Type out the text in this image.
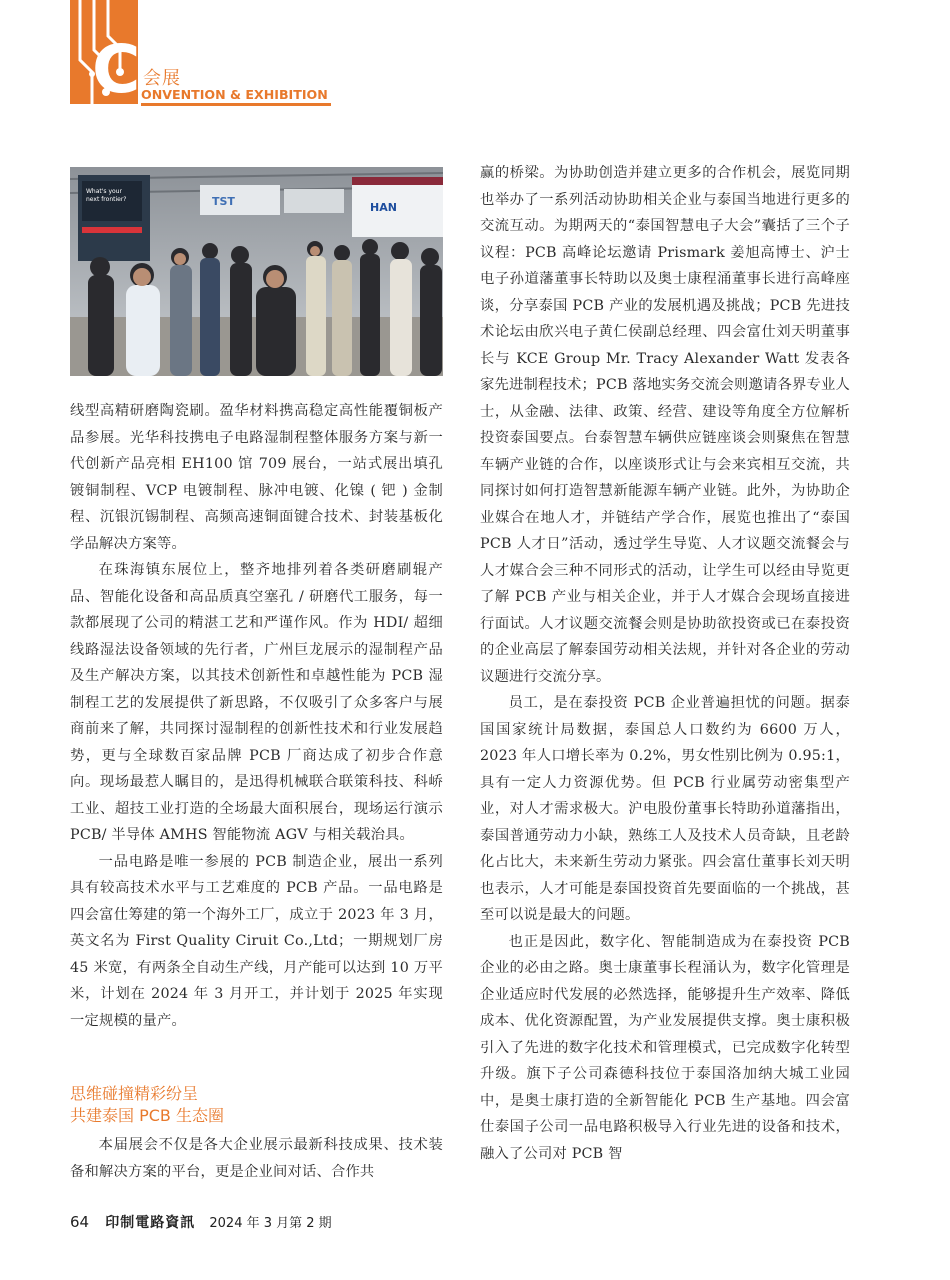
C 会展
ONVENTION & EXHIBITION
What's your
next frontier?	TST	HAN

线型高精研磨陶瓷刷。盈华材料携高稳定高性能覆铜板产品参展。光华科技携电子电路湿制程整体服务方案与新一代创新产品亮相 EH100 馆 709 展台，一站式展出填孔镀铜制程、VCP 电镀制程、脉冲电镀、化镍 ( 钯 ) 金制程、沉银沉锡制程、高频高速铜面键合技术、封装基板化学品解决方案等。

在珠海镇东展位上，整齐地排列着各类研磨刷辊产品、智能化设备和高品质真空塞孔 / 研磨代工服务，每一款都展现了公司的精湛工艺和严谨作风。作为 HDI/ 超细线路湿法设备领域的先行者，广州巨龙展示的湿制程产品及生产解决方案，以其技术创新性和卓越性能为 PCB 湿制程工艺的发展提供了新思路，不仅吸引了众多客户与展商前来了解，共同探讨湿制程的创新性技术和行业发展趋势，更与全球数百家品牌 PCB 厂商达成了初步合作意向。现场最惹人瞩目的，是迅得机械联合联策科技、科峤工业、超技工业打造的全场最大面积展台，现场运行演示 PCB/ 半导体 AMHS 智能物流 AGV 与相关载治具。

一品电路是唯一参展的 PCB 制造企业，展出一系列具有较高技术水平与工艺难度的 PCB 产品。一品电路是四会富仕筹建的第一个海外工厂，成立于 2023 年 3 月，英文名为 First Quality Ciruit Co.,Ltd；一期规划厂房 45 米宽，有两条全自动生产线，月产能可以达到 10 万平米，计划在 2024 年 3 月开工，并计划于 2025 年实现一定规模的量产。

思维碰撞精彩纷呈
共建泰国 PCB 生态圈

本届展会不仅是各大企业展示最新科技成果、技术装备和解决方案的平台，更是企业间对话、合作共

赢的桥梁。为协助创造并建立更多的合作机会，展览同期也举办了一系列活动协助相关企业与泰国当地进行更多的交流互动。为期两天的“泰国智慧电子大会”囊括了三个子议程：PCB 高峰论坛邀请 Prismark 姜旭高博士、沪士电子孙道藩董事长特助以及奥士康程涌董事长进行高峰座谈，分享泰国 PCB 产业的发展机遇及挑战；PCB 先进技术论坛由欣兴电子黄仁侯副总经理、四会富仕刘天明董事长与 KCE Group Mr. Tracy Alexander Watt 发表各家先进制程技术；PCB 落地实务交流会则邀请各界专业人士，从金融、法律、政策、经营、建设等角度全方位解析投资泰国要点。台泰智慧车辆供应链座谈会则聚焦在智慧车辆产业链的合作，以座谈形式让与会来宾相互交流，共同探讨如何打造智慧新能源车辆产业链。此外，为协助企业媒合在地人才，并链结产学合作，展览也推出了“泰国 PCB 人才日”活动，透过学生导览、人才议题交流餐会与人才媒合会三种不同形式的活动，让学生可以经由导览更了解 PCB 产业与相关企业，并于人才媒合会现场直接进行面试。人才议题交流餐会则是协助欲投资或已在泰投资的企业高层了解泰国劳动相关法规，并针对各企业的劳动议题进行交流分享。

员工，是在泰投资 PCB 企业普遍担忧的问题。据泰国国家统计局数据，泰国总人口数约为 6600 万人，2023 年人口增长率为 0.2%，男女性别比例为 0.95:1，具有一定人力资源优势。但 PCB 行业属劳动密集型产业，对人才需求极大。沪电股份董事长特助孙道藩指出，泰国普通劳动力小缺，熟练工人及技术人员奇缺，且老龄化占比大，未来新生劳动力紧张。四会富仕董事长刘天明也表示，人才可能是泰国投资首先要面临的一个挑战，甚至可以说是最大的问题。

也正是因此，数字化、智能制造成为在泰投资 PCB 企业的必由之路。奥士康董事长程涌认为，数字化管理是企业适应时代发展的必然选择，能够提升生产效率、降低成本、优化资源配置，为产业发展提供支撑。奥士康积极引入了先进的数字化技术和管理模式，已完成数字化转型升级。旗下子公司森德科技位于泰国洛加纳大城工业园中，是奥士康打造的全新智能化 PCB 生产基地。四会富仕泰国子公司一品电路积极导入行业先进的设备和技术，融入了公司对 PCB 智

64 印制電路資訊 2024 年 3 月第 2 期
